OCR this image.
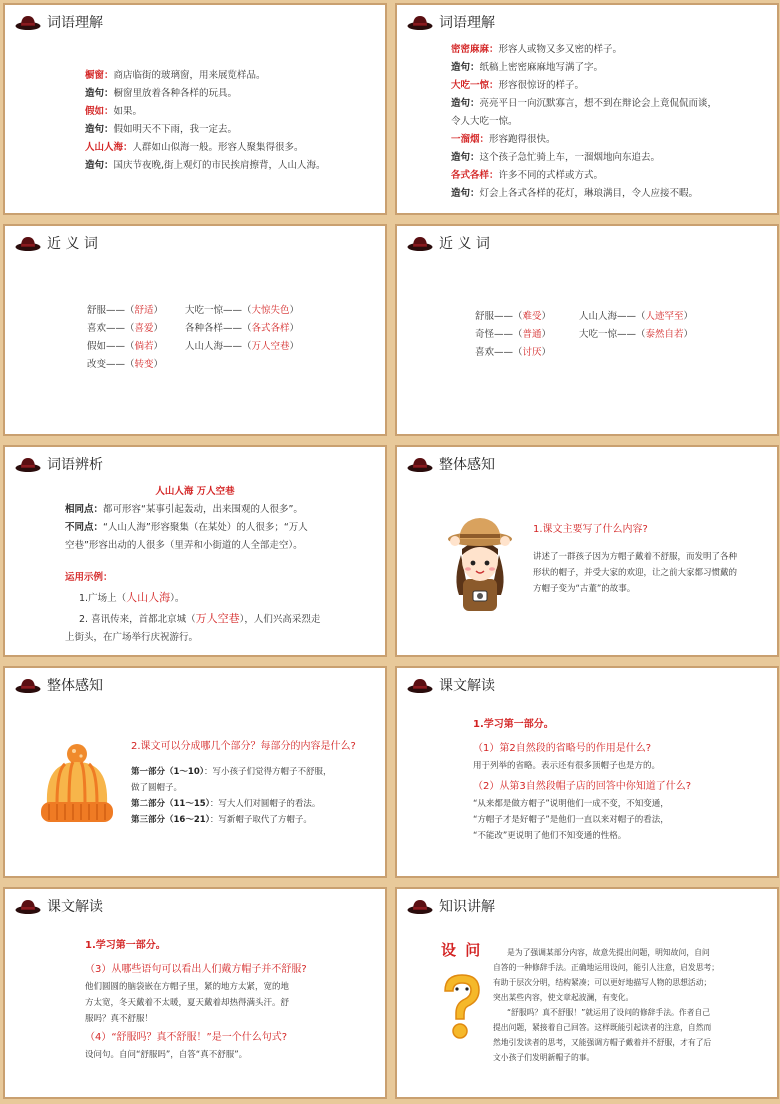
词语理解
橱窗：商店临街的玻璃窗，用来展览样品。
造句：橱窗里放着各种各样的玩具。
假如：如果。
造句：假如明天不下雨，我一定去。
人山人海：人群如山似海一般。形容人聚集得很多。
造句：国庆节夜晚,街上观灯的市民挨肩擦背，人山人海。
词语理解
密密麻麻：形容人或物又多又密的样子。
造句：纸稿上密密麻麻地写满了字。
大吃一惊：形容很惊讶的样子。
造句：亮亮平日一向沉默寡言，想不到在辩论会上竟侃侃而谈，
令人大吃一惊。
一溜烟：形容跑得很快。
造句：这个孩子急忙骑上车，一溜烟地向东追去。
各式各样：许多不同的式样或方式。
造句：灯会上各式各样的花灯，琳琅满目，令人应接不暇。
近 义 词
舒服——（舒适）
喜欢——（喜爱）
假如——（倘若）
改变——（转变）
大吃一惊——（大惊失色）
各种各样——（各式各样）
人山人海——（万人空巷）
近 义 词
舒服——（难受）
奇怪——（普通）
喜欢——（讨厌）
人山人海——（人迹罕至）
大吃一惊——（泰然自若）
词语辨析
人山人海 万人空巷
相同点：都可形容“某事引起轰动，出来围观的人很多”。
不同点：“人山人海”形容聚集（在某处）的人很多；“万人
空巷”形容出动的人很多（里弄和小街道的人全部走空）。
运用示例：
1.广场上（人山人海）。
2. 喜讯传来，首都北京城（万人空巷），人们兴高采烈走
上街头，在广场举行庆祝游行。
整体感知
1.课文主要写了什么内容?
讲述了一群孩子因为方帽子戴着不舒服，而发明了各种
形状的帽子，并受大家的欢迎，让之前大家都习惯戴的
方帽子变为“古董”的故事。
整体感知
2.课文可以分成哪几个部分？每部分的内容是什么?
第一部分（1～10）：写小孩子们觉得方帽子不舒服，
做了圆帽子。
第二部分（11～15）：写大人们对圆帽子的看法。
第三部分（16～21）：写新帽子取代了方帽子。
课文解读
1.学习第一部分。
（1）第2自然段的省略号的作用是什么?
用于列举的省略。表示还有很多顶帽子也是方的。
（2）从第3自然段帽子店的回答中你知道了什么?
“从来都是做方帽子”说明他们一成不变，不知变通，
“方帽子才是好帽子”是他们一直以来对帽子的看法，
“不能改”更说明了他们不知变通的性格。
课文解读
1.学习第一部分。
（3）从哪些语句可以看出人们戴方帽子并不舒服?
他们圆圆的脑袋嵌在方帽子里，紧的地方太紧，宽的地
方太宽，冬天戴着不太暖，夏天戴着却热得满头汗。舒
服吗？真不舒服！
（4）“舒服吗？真不舒服！”是一个什么句式?
设问句。自问“舒服吗”，自答“真不舒服”。
知识讲解
设 问	是为了强调某部分内容，故意先提出问题，明知故问，自问
自答的一种修辞手法。正确地运用设问，能引人注意，启发思考；
有助于层次分明，结构紧凑；可以更好地描写人物的思想活动；
突出某些内容，使文章起波澜，有变化。
“舒服吗？真不舒服！”就运用了设问的修辞手法。作者自己
提出问题，紧接着自己回答。这样既能引起读者的注意，自然而
然地引发读者的思考，又能强调方帽子戴着并不舒服，才有了后
文小孩子们发明新帽子的事。
